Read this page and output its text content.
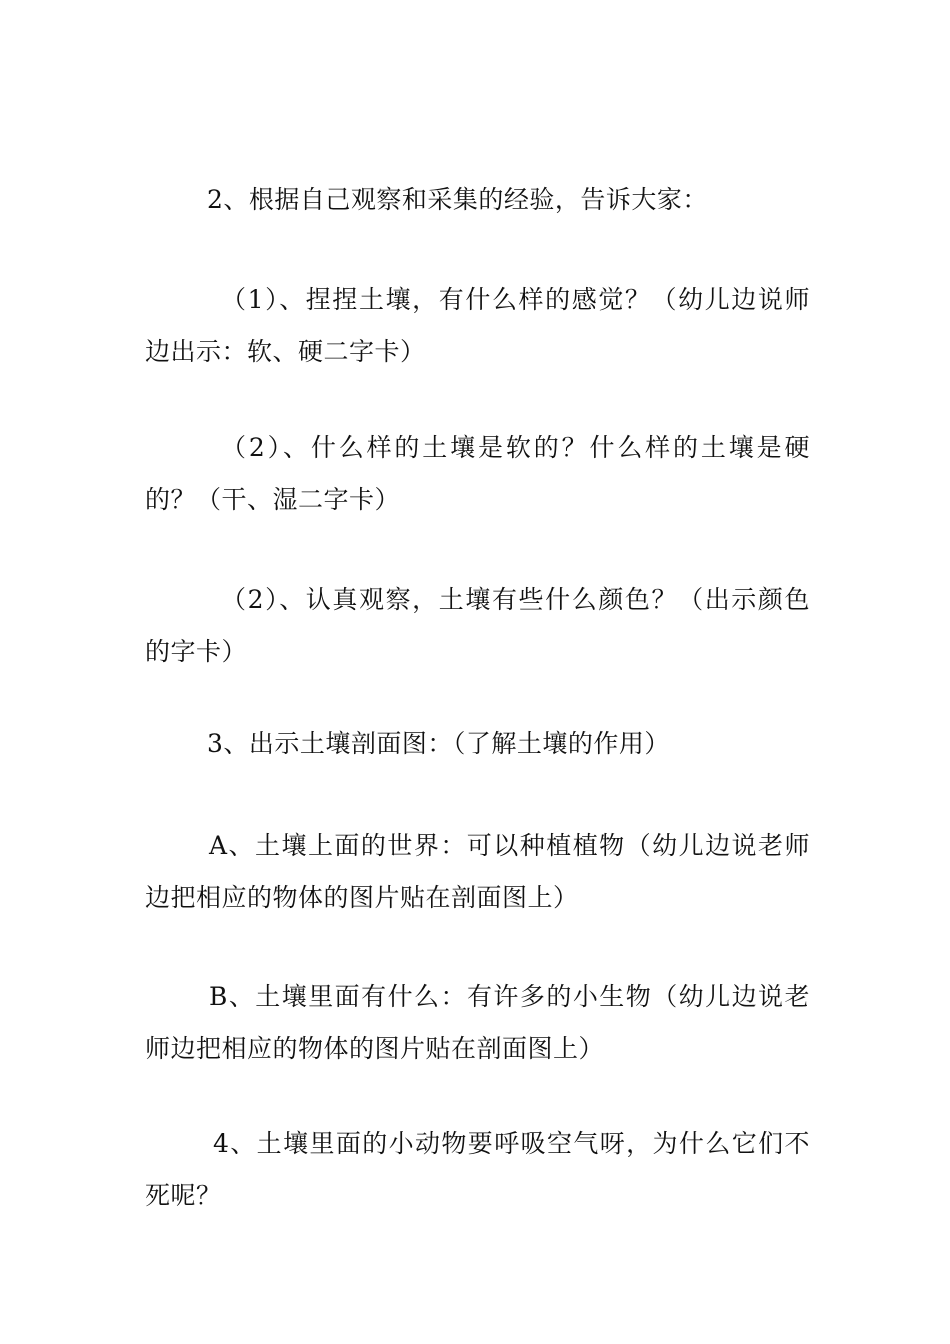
2、根据自己观察和采集的经验，告诉大家：

（1）、捏捏土壤，有什么样的感觉？（幼儿边说师边出示：软、硬二字卡）

（2）、什么样的土壤是软的？什么样的土壤是硬的？（干、湿二字卡）

（2）、认真观察，土壤有些什么颜色？（出示颜色的字卡）

3、出示土壤剖面图：（了解土壤的作用）

A、土壤上面的世界：可以种植植物（幼儿边说老师边把相应的物体的图片贴在剖面图上）

B、土壤里面有什么：有许多的小生物（幼儿边说老师边把相应的物体的图片贴在剖面图上）

4、土壤里面的小动物要呼吸空气呀，为什么它们不死呢？
